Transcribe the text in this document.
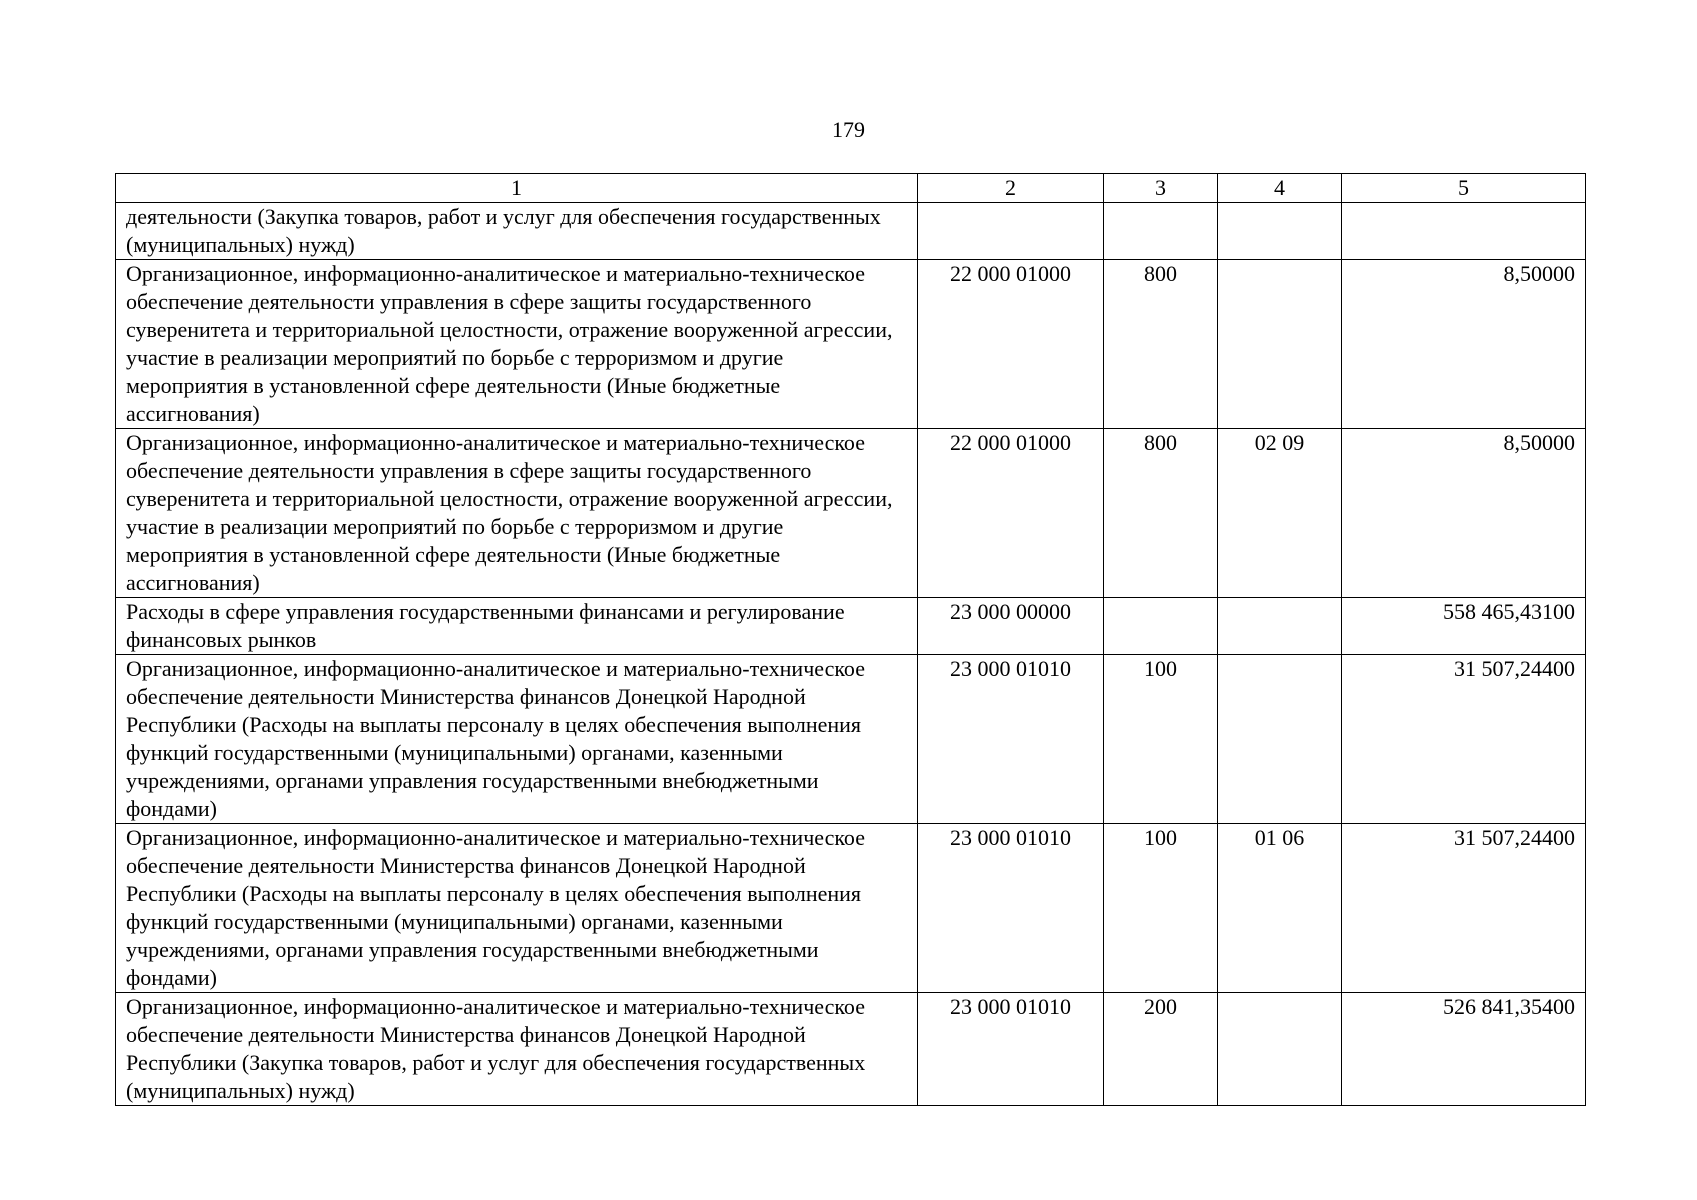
179
1	2	3	4	5
деятельности (Закупка товаров, работ и услуг для обеспечения государственных (муниципальных) нужд)				
Организационное, информационно-аналитическое и материально-техническое обеспечение деятельности управления в сфере защиты государственного суверенитета и территориальной целостности, отражение вооруженной агрессии, участие в реализации мероприятий по борьбе с терроризмом и другие мероприятия в установленной сфере деятельности (Иные бюджетные ассигнования)	22 000 01000	800		8,50000
Организационное, информационно-аналитическое и материально-техническое обеспечение деятельности управления в сфере защиты государственного суверенитета и территориальной целостности, отражение вооруженной агрессии, участие в реализации мероприятий по борьбе с терроризмом и другие мероприятия в установленной сфере деятельности (Иные бюджетные ассигнования)	22 000 01000	800	02 09	8,50000
Расходы в сфере управления государственными финансами и регулирование финансовых рынков	23 000 00000			558 465,43100
Организационное, информационно-аналитическое и материально-техническое обеспечение деятельности Министерства финансов Донецкой Народной Республики (Расходы на выплаты персоналу в целях обеспечения выполнения функций государственными (муниципальными) органами, казенными учреждениями, органами управления государственными внебюджетными фондами)	23 000 01010	100		31 507,24400
Организационное, информационно-аналитическое и материально-техническое обеспечение деятельности Министерства финансов Донецкой Народной Республики (Расходы на выплаты персоналу в целях обеспечения выполнения функций государственными (муниципальными) органами, казенными учреждениями, органами управления государственными внебюджетными фондами)	23 000 01010	100	01 06	31 507,24400
Организационное, информационно-аналитическое и материально-техническое обеспечение деятельности Министерства финансов Донецкой Народной Республики (Закупка товаров, работ и услуг для обеспечения государственных (муниципальных) нужд)	23 000 01010	200		526 841,35400
